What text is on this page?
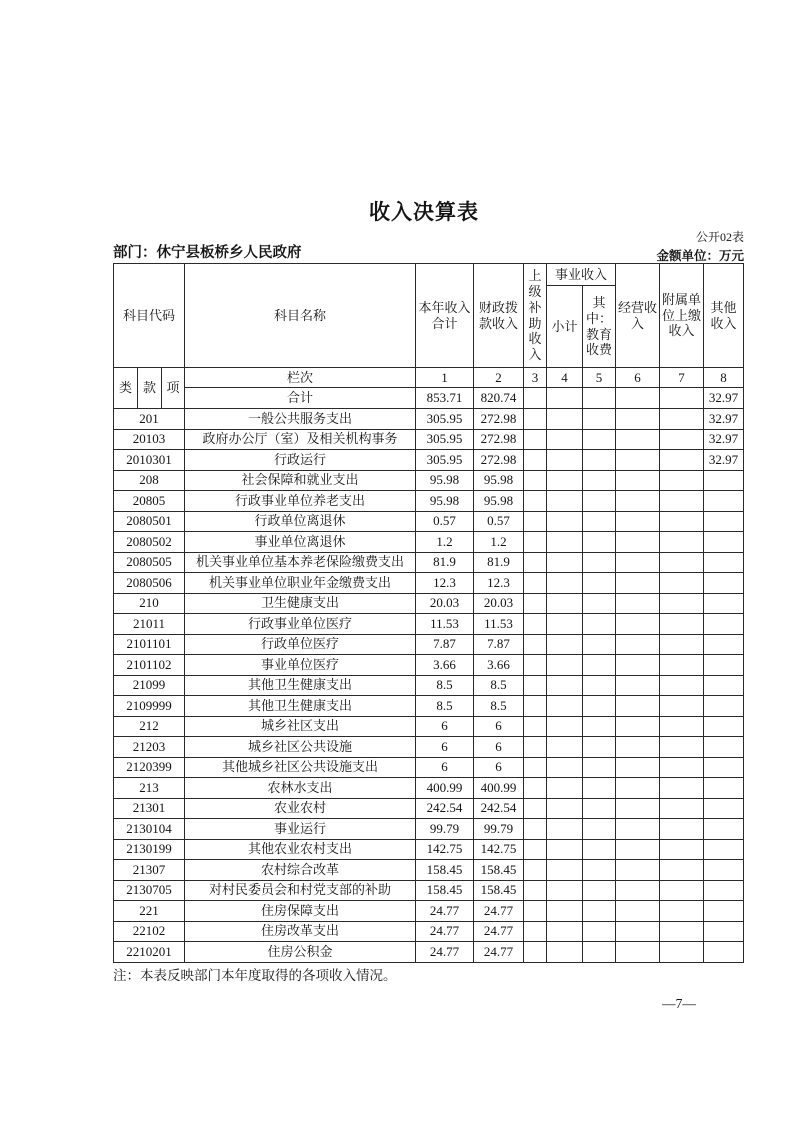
收入决算表
公开02表
部门：休宁县板桥乡人民政府	金额单位：万元
科目代码			科目名称	本年收入合计	财政拨款收入	上级补助收入	事业收入		经营收入	附属单位上缴收入	其他收入
							小计	其中：教育收费			
类	款	项	栏次	1	2	3	4	5	6	7	8
			合计	853.71	820.74						32.97
201			一般公共服务支出	305.95	272.98						32.97
20103			政府办公厅（室）及相关机构事务	305.95	272.98						32.97
2010301			行政运行	305.95	272.98						32.97
208			社会保障和就业支出	95.98	95.98						
20805			行政事业单位养老支出	95.98	95.98						
2080501			行政单位离退休	0.57	0.57						
2080502			事业单位离退休	1.2	1.2						
2080505			机关事业单位基本养老保险缴费支出	81.9	81.9						
2080506			机关事业单位职业年金缴费支出	12.3	12.3						
210			卫生健康支出	20.03	20.03						
21011			行政事业单位医疗	11.53	11.53						
2101101			行政单位医疗	7.87	7.87						
2101102			事业单位医疗	3.66	3.66						
21099			其他卫生健康支出	8.5	8.5						
2109999			其他卫生健康支出	8.5	8.5						
212			城乡社区支出	6	6						
21203			城乡社区公共设施	6	6						
2120399			其他城乡社区公共设施支出	6	6						
213			农林水支出	400.99	400.99						
21301			农业农村	242.54	242.54						
2130104			事业运行	99.79	99.79						
2130199			其他农业农村支出	142.75	142.75						
21307			农村综合改革	158.45	158.45						
2130705			对村民委员会和村党支部的补助	158.45	158.45						
221			住房保障支出	24.77	24.77						
22102			住房改革支出	24.77	24.77						
2210201			住房公积金	24.77	24.77						
注：本表反映部门本年度取得的各项收入情况。
—7—
